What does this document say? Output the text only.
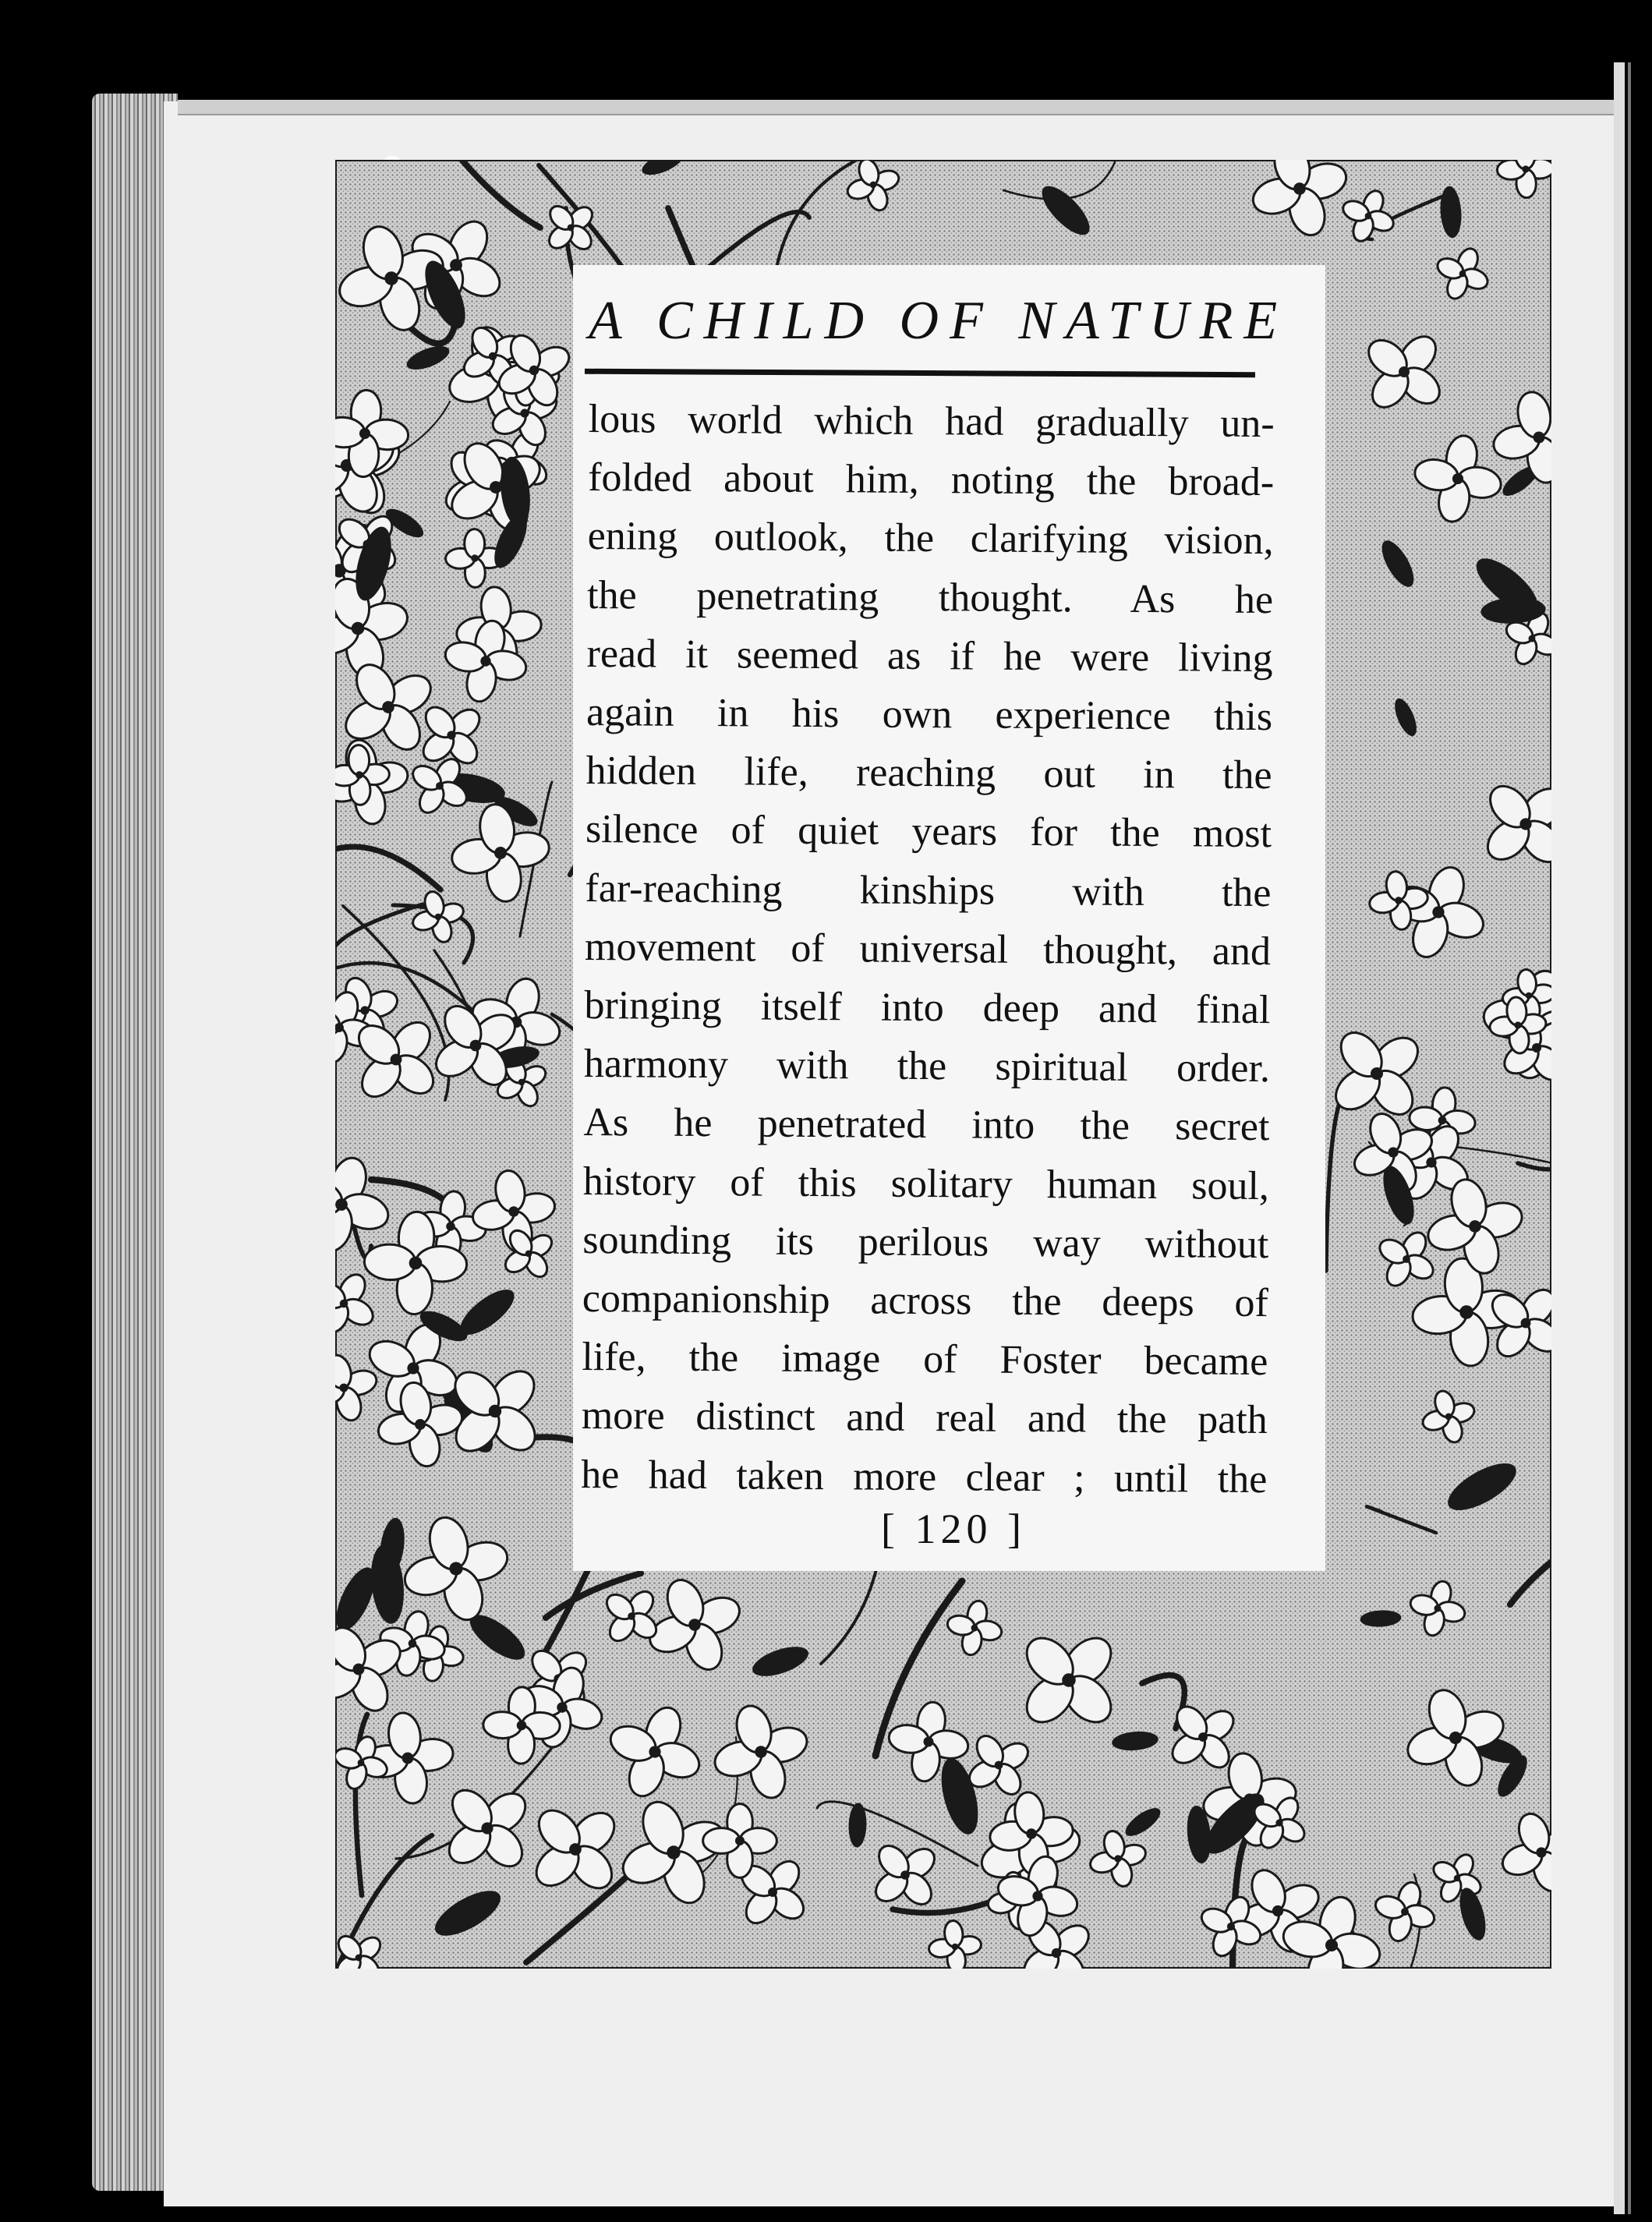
A CHILD OF NATURE
lous world which had gradually un-
folded about him, noting the broad-
ening outlook, the clarifying vision,
the penetrating thought. As he
read it seemed as if he were living
again in his own experience this
hidden life, reaching out in the
silence of quiet years for the most
far-reaching kinships with the
movement of universal thought, and
bringing itself into deep and final
harmony with the spiritual order.
As he penetrated into the secret
history of this solitary human soul,
sounding its perilous way without
companionship across the deeps of
life, the image of Foster became
more distinct and real and the path
he had taken more clear ; until the
[ 120 ]
